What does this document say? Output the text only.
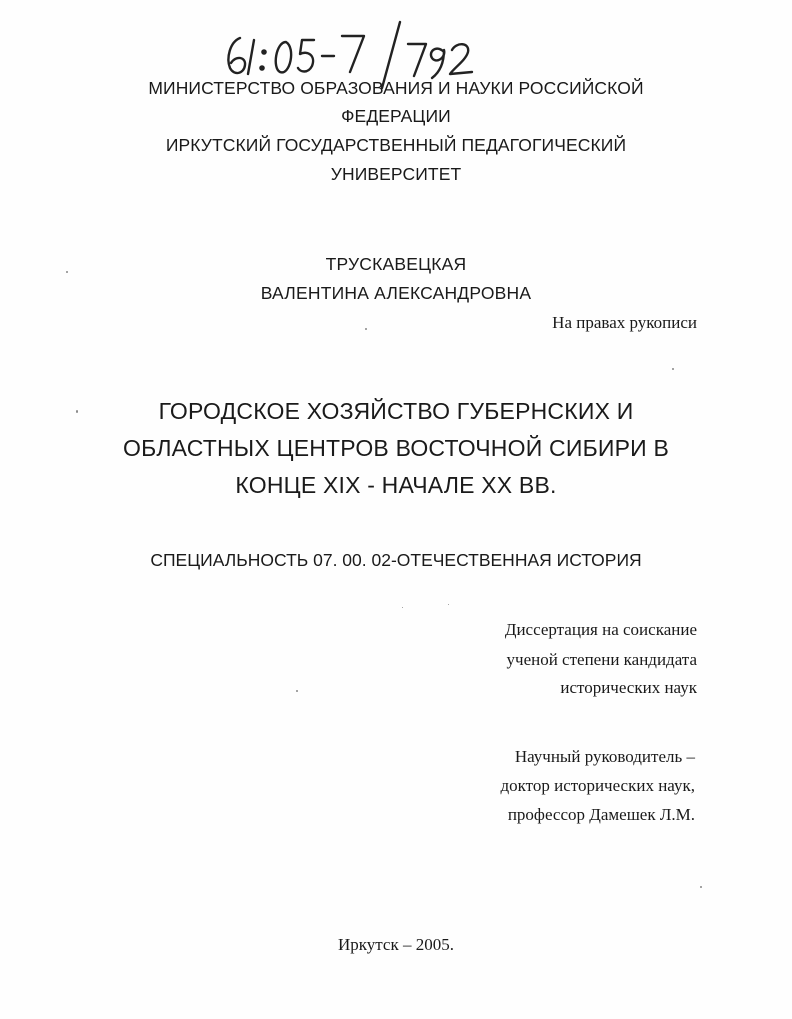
МИНИСТЕРСТВО ОБРАЗОВАНИЯ И НАУКИ РОССИЙСКОЙ
ФЕДЕРАЦИИ
ИРКУТСКИЙ ГОСУДАРСТВЕННЫЙ ПЕДАГОГИЧЕСКИЙ
УНИВЕРСИТЕТ
ТРУСКАВЕЦКАЯ
ВАЛЕНТИНА АЛЕКСАНДРОВНА
На правах рукописи
ГОРОДСКОЕ ХОЗЯЙСТВО ГУБЕРНСКИХ И
ОБЛАСТНЫХ ЦЕНТРОВ ВОСТОЧНОЙ СИБИРИ В
КОНЦЕ XIX - НАЧАЛЕ XX ВВ.
СПЕЦИАЛЬНОСТЬ 07. 00. 02-ОТЕЧЕСТВЕННАЯ ИСТОРИЯ
Диссертация на соискание
ученой степени кандидата
исторических наук
Научный руководитель –
доктор исторических наук,
профессор Дамешек Л.М.
Иркутск – 2005.
